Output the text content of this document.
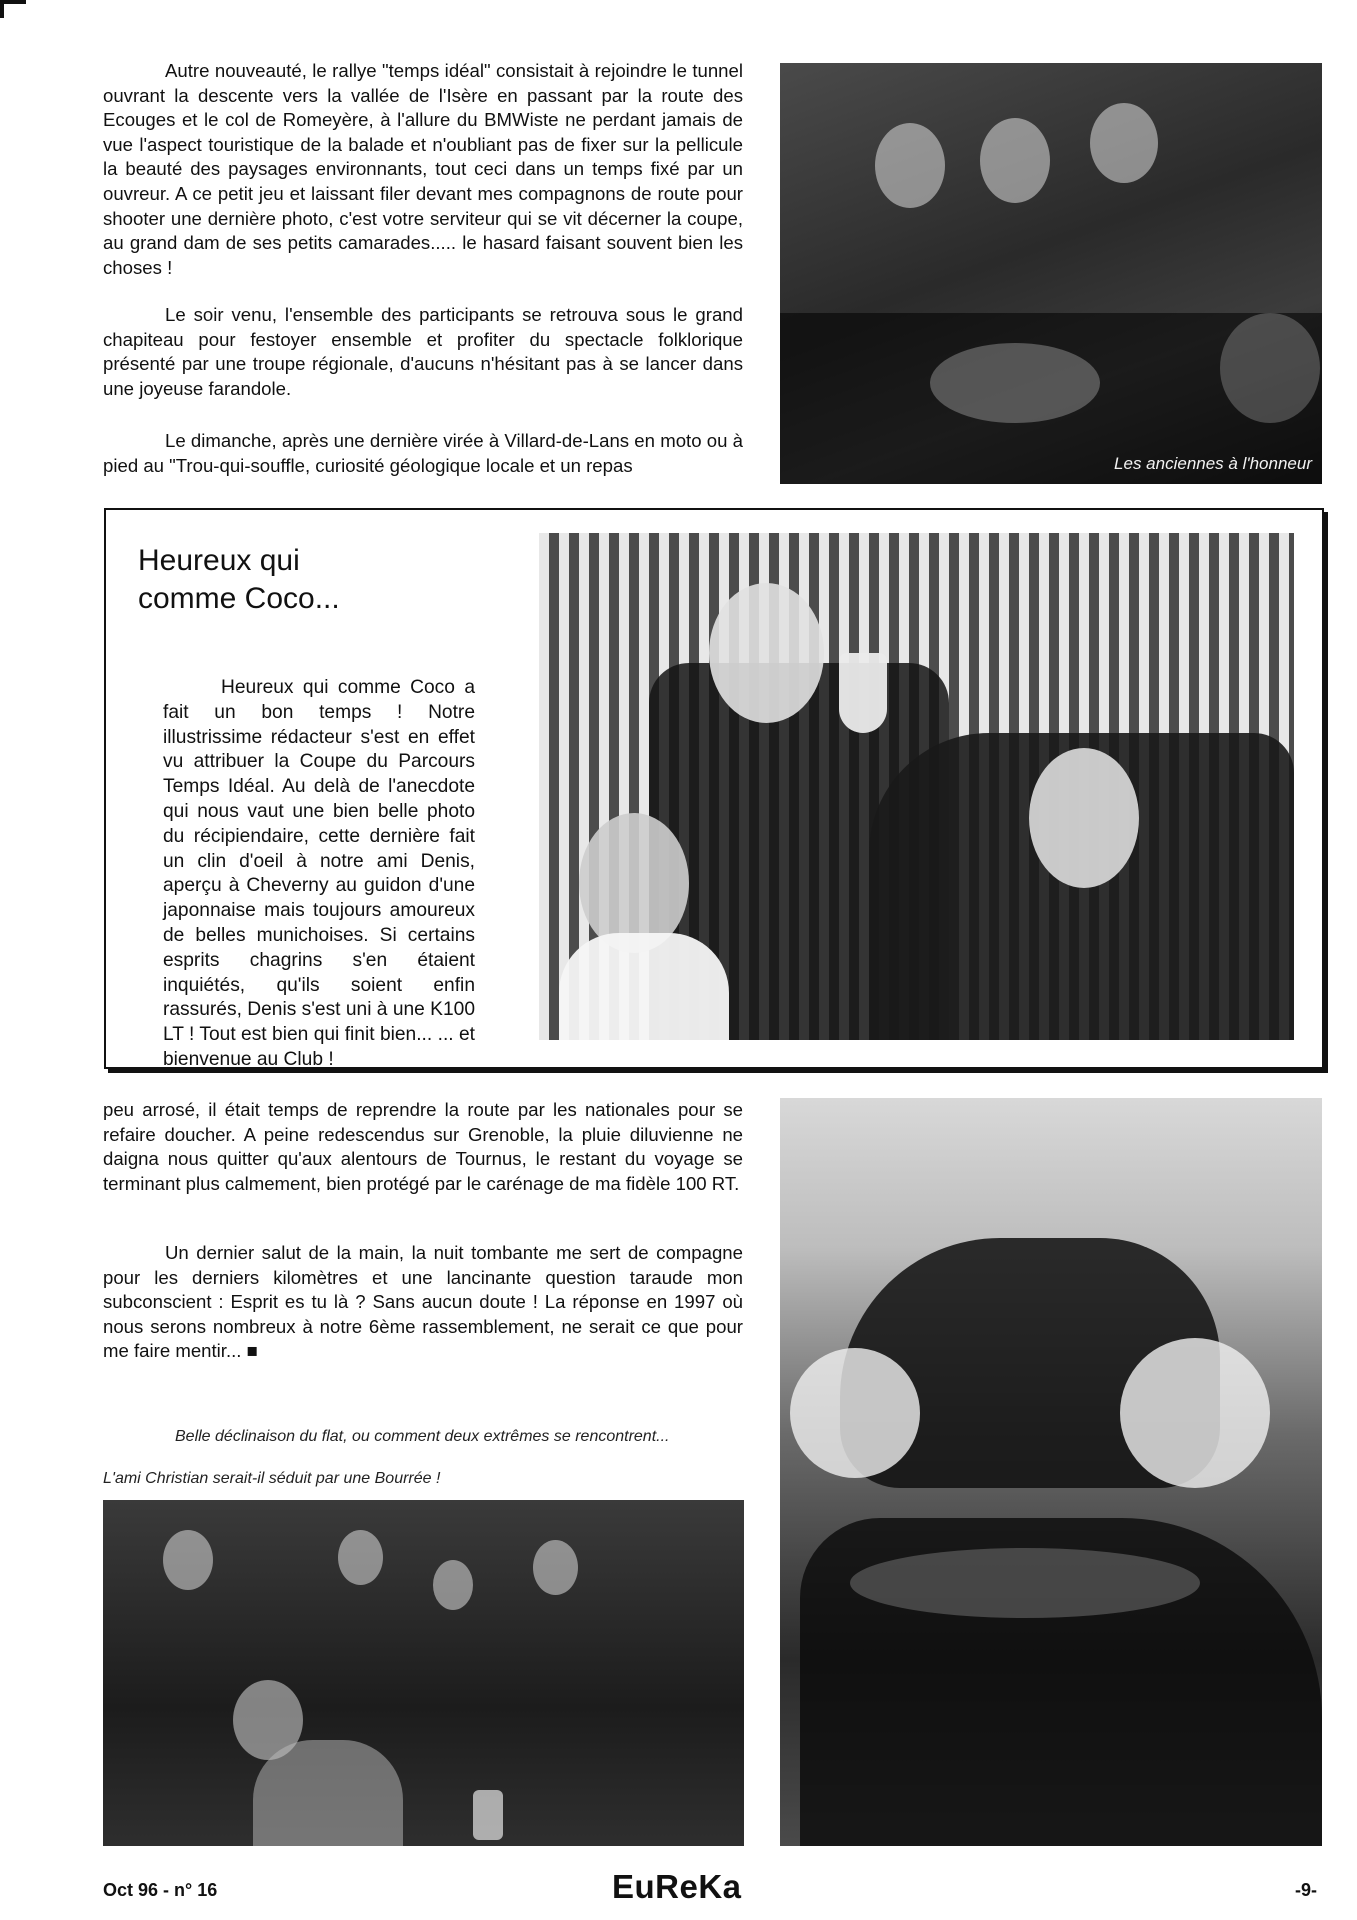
Autre nouveauté, le rallye "temps idéal" consistait à rejoindre le tunnel ouvrant la descente vers la vallée de l'Isère en passant par la route des Ecouges et le col de Romeyère, à l'allure du BMWiste ne perdant jamais de vue l'aspect touristique de la balade et n'oubliant pas de fixer sur la pellicule la beauté des paysages environnants, tout ceci dans un temps fixé par un ouvreur. A ce petit jeu et laissant filer devant mes compagnons de route pour shooter une dernière photo, c'est votre serviteur qui se vit décerner la coupe, au grand dam de ses petits camarades..... le hasard faisant souvent bien les choses !

Le soir venu, l'ensemble des participants se retrouva sous le grand chapiteau pour festoyer ensemble et profiter du spectacle folklorique présenté par une troupe régionale, d'aucuns n'hésitant pas à se lancer dans une joyeuse farandole.

Le dimanche, après une dernière virée à Villard-de-Lans en moto ou à pied au "Trou-qui-souffle, curiosité géologique locale et un repas	Les anciennes à l'honneur
Heureux qui
comme Coco...

Heureux qui comme Coco a fait un bon temps ! Notre illustrissime rédacteur s'est en effet vu attribuer la Coupe du Parcours Temps Idéal. Au delà de l'anecdote qui nous vaut une bien belle photo du récipiendaire, cette dernière fait un clin d'oeil à notre ami Denis, aperçu à Cheverny au guidon d'une japonnaise mais toujours amoureux de belles munichoises. Si certains esprits chagrins s'en étaient inquiétés, qu'ils soient enfin rassurés, Denis s'est uni à une K100 LT ! Tout est bien qui finit bien... ... et bienvenue au Club !

peu arrosé, il était temps de reprendre la route par les nationales pour se refaire doucher. A peine redescendus sur Grenoble, la pluie diluvienne ne daigna nous quitter qu'aux alentours de Tournus, le restant du voyage se terminant plus calmement, bien protégé par le carénage de ma fidèle 100 RT.

Un dernier salut de la main, la nuit tombante me sert de compagne pour les derniers kilomètres et une lancinante question taraude mon subconscient : Esprit es tu là ? Sans aucun doute ! La réponse en 1997 où nous serons nombreux à notre 6ème rassemblement, ne serait ce que pour me faire mentir... ■

Belle déclinaison du flat, ou comment deux extrêmes se rencontrent...

L'ami Christian serait-il séduit par une Bourrée !

Oct 96 - n° 16	EuReKa	-9-
